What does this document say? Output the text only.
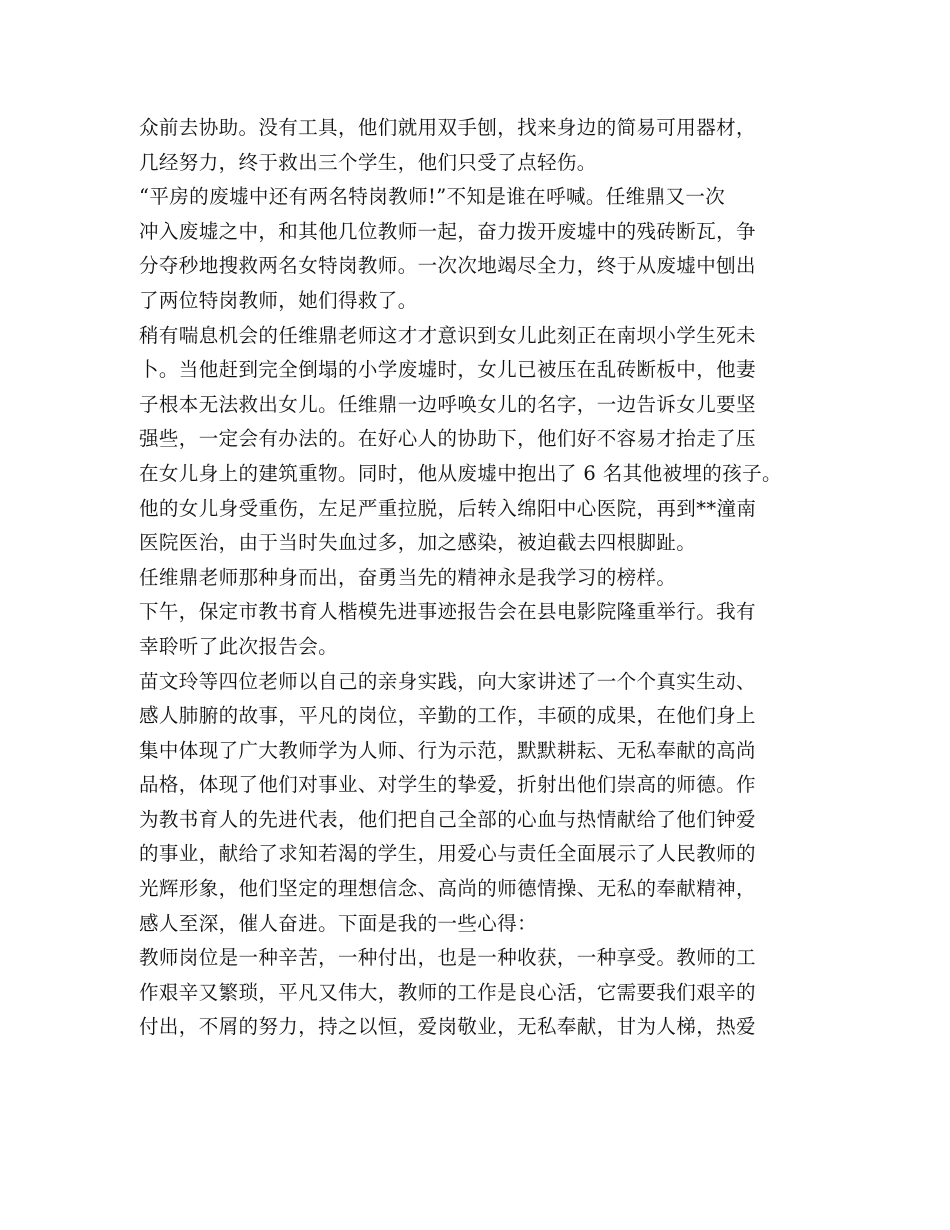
众前去协助。没有工具，他们就用双手刨，找来身边的简易可用器材，
几经努力，终于救出三个学生，他们只受了点轻伤。
“平房的废墟中还有两名特岗教师!”不知是谁在呼喊。任维鼎又一次
冲入废墟之中，和其他几位教师一起，奋力拨开废墟中的残砖断瓦，争
分夺秒地搜救两名女特岗教师。一次次地竭尽全力，终于从废墟中刨出
了两位特岗教师，她们得救了。
稍有喘息机会的任维鼎老师这才才意识到女儿此刻正在南坝小学生死未
卜。当他赶到完全倒塌的小学废墟时，女儿已被压在乱砖断板中，他妻
子根本无法救出女儿。任维鼎一边呼唤女儿的名字，一边告诉女儿要坚
强些，一定会有办法的。在好心人的协助下，他们好不容易才抬走了压
在女儿身上的建筑重物。同时，他从废墟中抱出了 6 名其他被埋的孩子。
他的女儿身受重伤，左足严重拉脱，后转入绵阳中心医院，再到**潼南
医院医治，由于当时失血过多，加之感染，被迫截去四根脚趾。
任维鼎老师那种身而出，奋勇当先的精神永是我学习的榜样。
下午，保定市教书育人楷模先进事迹报告会在县电影院隆重举行。我有
幸聆听了此次报告会。
苗文玲等四位老师以自己的亲身实践，向大家讲述了一个个真实生动、
感人肺腑的故事，平凡的岗位，辛勤的工作，丰硕的成果，在他们身上
集中体现了广大教师学为人师、行为示范，默默耕耘、无私奉献的高尚
品格，体现了他们对事业、对学生的挚爱，折射出他们崇高的师德。作
为教书育人的先进代表，他们把自己全部的心血与热情献给了他们钟爱
的事业，献给了求知若渴的学生，用爱心与责任全面展示了人民教师的
光辉形象，他们坚定的理想信念、高尚的师德情操、无私的奉献精神，
感人至深，催人奋进。下面是我的一些心得：
教师岗位是一种辛苦，一种付出，也是一种收获，一种享受。教师的工
作艰辛又繁琐，平凡又伟大，教师的工作是良心活，它需要我们艰辛的
付出，不屑的努力，持之以恒，爱岗敬业，无私奉献，甘为人梯，热爱
